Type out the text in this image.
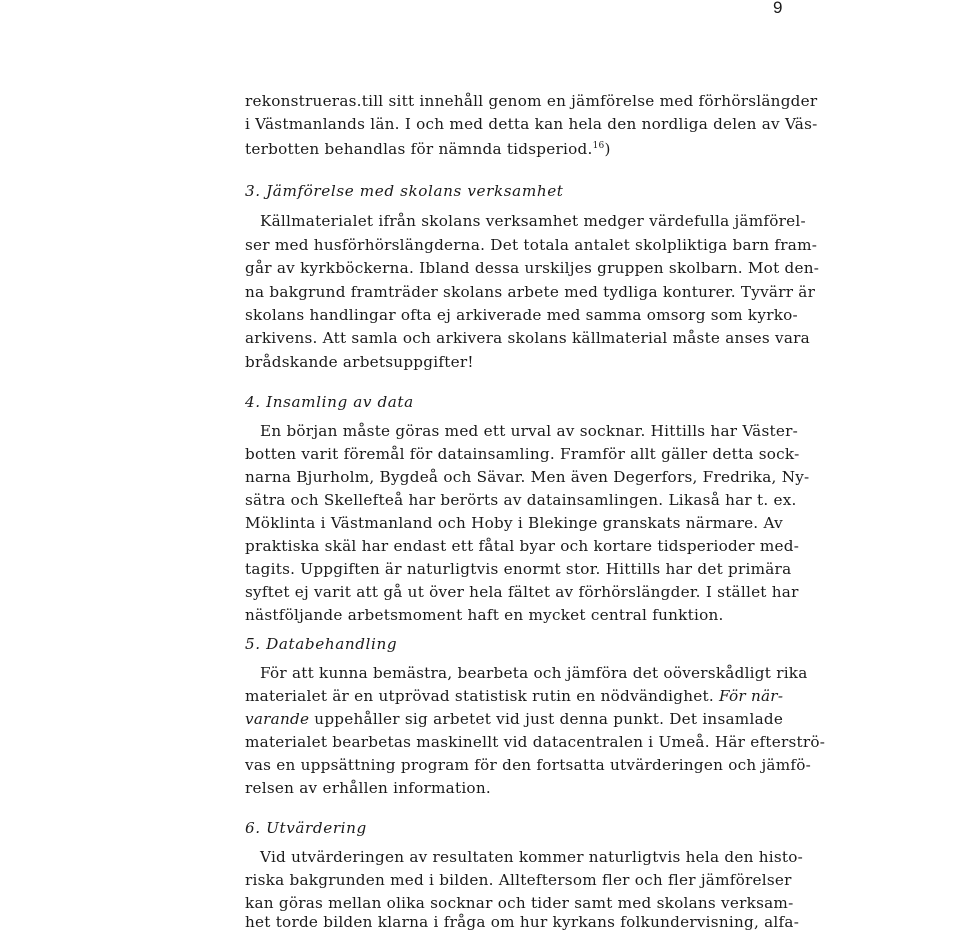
9
rekonstrueras.till sitt innehåll genom en jämförelse med förhörslängder
i Västmanlands län. I och med detta kan hela den nordliga delen av Väs-
terbotten behandlas för nämnda tidsperiod.$^{16}$)
3. Jämförelse med skolans verksamhet
Källmaterialet ifrån skolans verksamhet medger värdefulla jämförel-
ser med husförhörslängderna. Det totala antalet skolpliktiga barn fram-
går av kyrkböckerna. Ibland dessa urskiljes gruppen skolbarn. Mot den-
na bakgrund framträder skolans arbete med tydliga konturer. Tyvärr är
skolans handlingar ofta ej arkiverade med samma omsorg som kyrko-
arkivens. Att samla och arkivera skolans källmaterial måste anses vara
brådskande arbetsuppgifter!
4. Insamling av data
En början måste göras med ett urval av socknar. Hittills har Väster-
botten varit föremål för datainsamling. Framför allt gäller detta sock-
narna Bjurholm, Bygdeå och Sävar. Men även Degerfors, Fredrika, Ny-
sätra och Skellefteå har berörts av datainsamlingen. Likaså har t. ex.
Möklinta i Västmanland och Hoby i Blekinge granskats närmare. Av
praktiska skäl har endast ett fåtal byar och kortare tidsperioder med-
tagits. Uppgiften är naturligtvis enormt stor. Hittills har det primära
syftet ej varit att gå ut över hela fältet av förhörslängder. I stället har
nästföljande arbetsmoment haft en mycket central funktion.
5. Databehandling
För att kunna bemästra, bearbeta och jämföra det oöverskådligt rika
materialet är en utprövad statistisk rutin en nödvändighet. För när-
varande uppehåller sig arbetet vid just denna punkt. Det insamlade
materialet bearbetas maskinellt vid datacentralen i Umeå. Här efterströ-
vas en uppsättning program för den fortsatta utvärderingen och jämfö-
relsen av erhållen information.
6. Utvärdering
Vid utvärderingen av resultaten kommer naturligtvis hela den histo-
riska bakgrunden med i bilden. Allteftersom fler och fler jämförelser
kan göras mellan olika socknar och tider samt med skolans verksam-
het torde bilden klarna i fråga om hur kyrkans folkundervisning, alfa-
